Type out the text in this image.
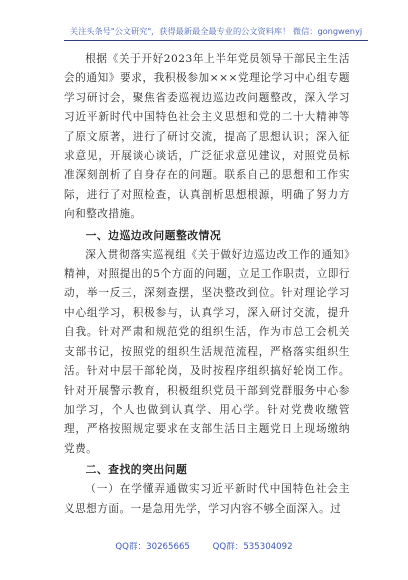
关注头条号"公文研究"，获得最新最全最专业的公文资料库！ 微信：gongwenyj

根据《关于开好2023年上半年党员领导干部民主生活会的通知》要求，我积极参加×××党理论学习中心组专题学习研讨会，聚焦省委巡视边巡边改问题整改，深入学习习近平新时代中国特色社会主义思想和党的二十大精神等了原文原著，进行了研讨交流，提高了思想认识；深入征求意见，开展谈心谈话，广泛征求意见建议，对照党员标准深刻剖析了自身存在的问题。联系自己的思想和工作实际，进行了对照检查，认真剖析思想根源，明确了努力方向和整改措施。

一、边巡边改问题整改情况

深入贯彻落实巡视组《关于做好边巡边改工作的通知》精神，对照提出的5个方面的问题，立足工作职责，立即行动，举一反三，深刻查摆，坚决整改到位。针对理论学习中心组学习，积极参与，认真学习，深入研讨交流，提升自我。针对严肃和规范党的组织生活，作为市总工会机关支部书记，按照党的组织生活规范流程，严格落实组织生活。针对中层干部轮岗，及时按程序组织搞好轮岗工作。针对开展警示教育，积极组织党员干部到党群服务中心参加学习，个人也做到认真学、用心学。针对党费收缴管理，严格按照规定要求在支部生活日主题党日上现场缴纳党费。

二、查找的突出问题

（一）在学懂弄通做实习近平新时代中国特色社会主义思想方面。一是急用先学，学习内容不够全面深入。过

QQ群：30265665	QQ群：535304092
